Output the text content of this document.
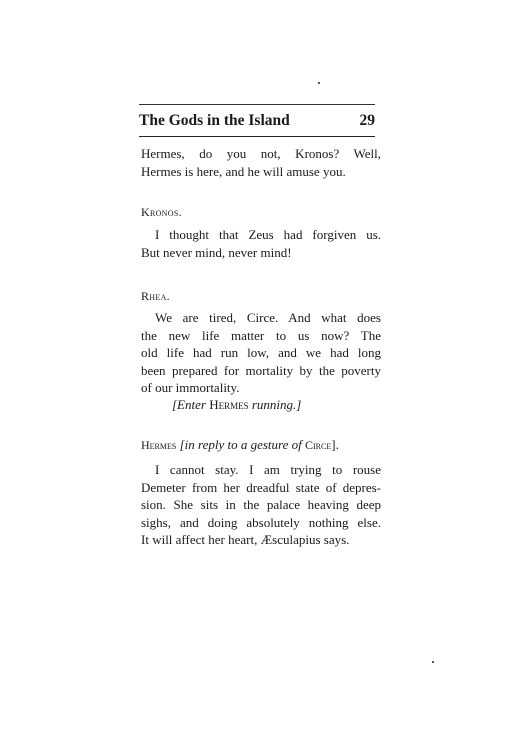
The Gods in the Island	29
Hermes, do you not, Kronos? Well,
Hermes is here, and he will amuse you.
Kronos.
I thought that Zeus had forgiven us.
But never mind, never mind!
Rhea.
We are tired, Circe. And what does
the new life matter to us now? The
old life had run low, and we had long
been prepared for mortality by the poverty
of our immortality.
[Enter Hermes running.]
Hermes [in reply to a gesture of Circe].
I cannot stay. I am trying to rouse
Demeter from her dreadful state of depres-
sion. She sits in the palace heaving deep
sighs, and doing absolutely nothing else.
It will affect her heart, Æsculapius says.
